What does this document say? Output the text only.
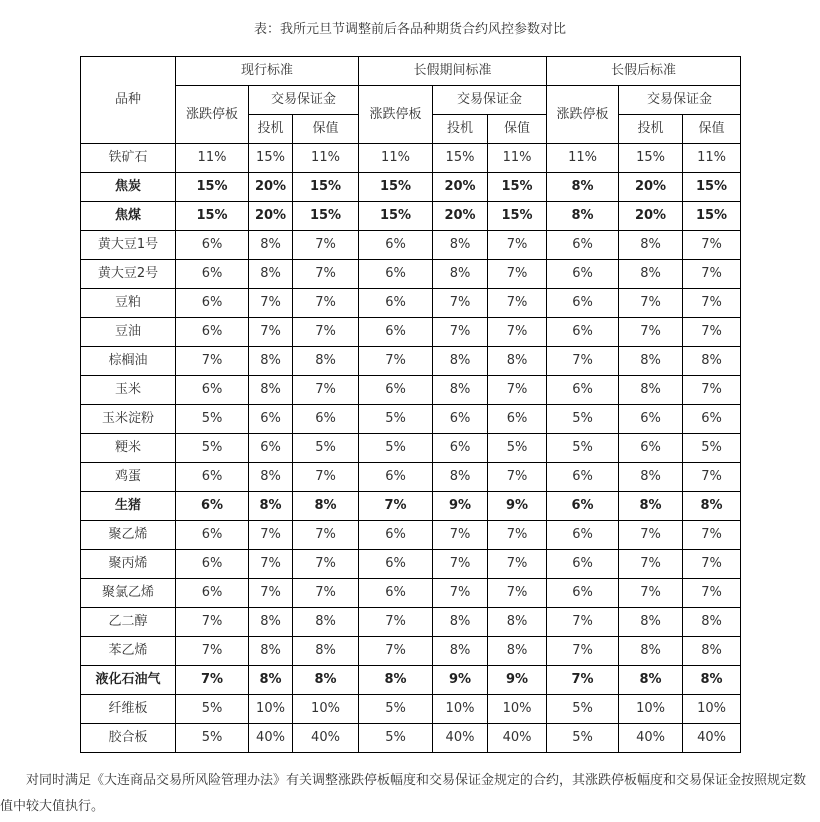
表：我所元旦节调整前后各品种期货合约风控参数对比
品种	现行标准			长假期间标准			长假后标准		
	涨跌停板	交易保证金		涨跌停板	交易保证金		涨跌停板	交易保证金	
		投机	保值		投机	保值		投机	保值
铁矿石	11%	15%	11%	11%	15%	11%	11%	15%	11%
焦炭	15%	20%	15%	15%	20%	15%	8%	20%	15%
焦煤	15%	20%	15%	15%	20%	15%	8%	20%	15%
黄大豆1号	6%	8%	7%	6%	8%	7%	6%	8%	7%
黄大豆2号	6%	8%	7%	6%	8%	7%	6%	8%	7%
豆粕	6%	7%	7%	6%	7%	7%	6%	7%	7%
豆油	6%	7%	7%	6%	7%	7%	6%	7%	7%
棕榈油	7%	8%	8%	7%	8%	8%	7%	8%	8%
玉米	6%	8%	7%	6%	8%	7%	6%	8%	7%
玉米淀粉	5%	6%	6%	5%	6%	6%	5%	6%	6%
粳米	5%	6%	5%	5%	6%	5%	5%	6%	5%
鸡蛋	6%	8%	7%	6%	8%	7%	6%	8%	7%
生猪	6%	8%	8%	7%	9%	9%	6%	8%	8%
聚乙烯	6%	7%	7%	6%	7%	7%	6%	7%	7%
聚丙烯	6%	7%	7%	6%	7%	7%	6%	7%	7%
聚氯乙烯	6%	7%	7%	6%	7%	7%	6%	7%	7%
乙二醇	7%	8%	8%	7%	8%	8%	7%	8%	8%
苯乙烯	7%	8%	8%	7%	8%	8%	7%	8%	8%
液化石油气	7%	8%	8%	8%	9%	9%	7%	8%	8%
纤维板	5%	10%	10%	5%	10%	10%	5%	10%	10%
胶合板	5%	40%	40%	5%	40%	40%	5%	40%	40%

对同时满足《大连商品交易所风险管理办法》有关调整涨跌停板幅度和交易保证金规定的合约，其涨跌停板幅度和交易保证金按照规定数值中较大值执行。
